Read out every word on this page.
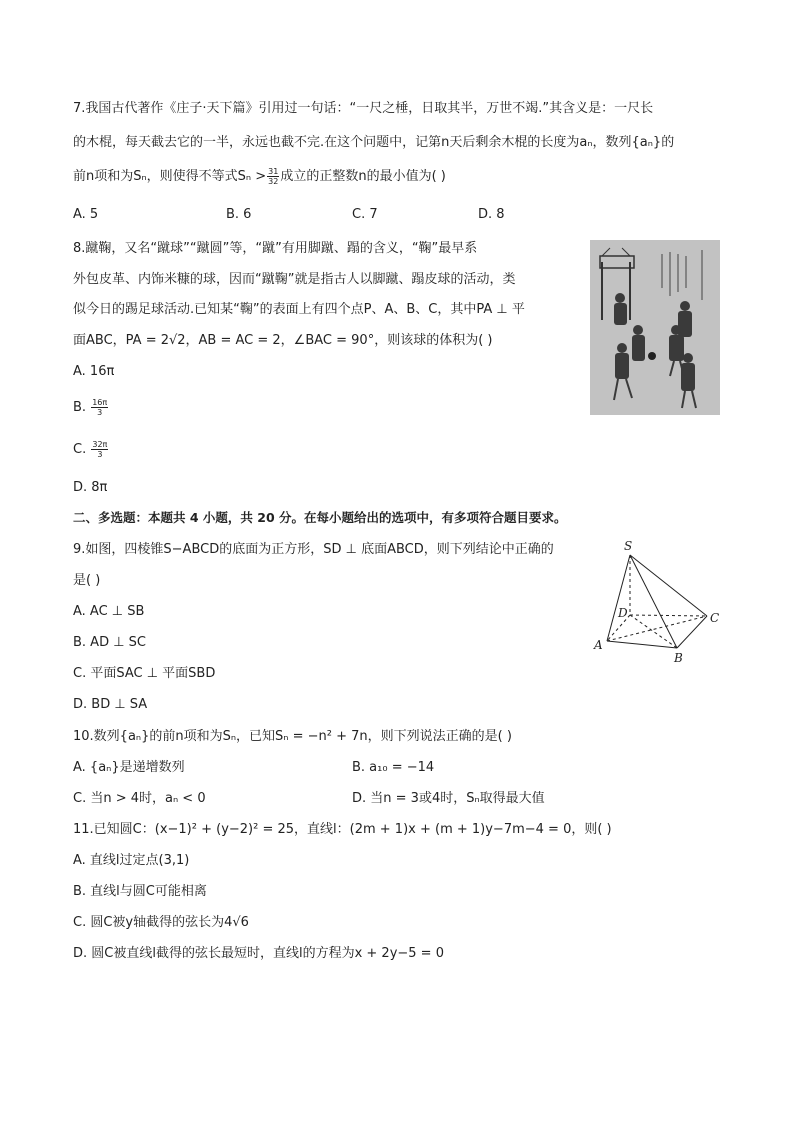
7.我国古代著作《庄子·天下篇》引用过一句话：“一尺之棰，日取其半，万世不竭.”其含义是：一尺长
的木棍，每天截去它的一半，永远也截不完.在这个问题中，记第n天后剩余木棍的长度为aₙ，数列{aₙ}的
前n项和为Sₙ，则使得不等式$S_n > \frac{31}{32}$ 成立的正整数n的最小值为( )
A. 5	B. 6	C. 7	D. 8
8.蹴鞠，又名“蹴球”“蹴圆”等，“蹴”有用脚蹴、蹋的含义，“鞠”最早系
外包皮革、内饰米糠的球，因而“蹴鞠”就是指古人以脚蹴、蹋皮球的活动，类
似今日的踢足球活动.已知某“鞠”的表面上有四个点P、A、B、C，其中PA ⊥ 平
面ABC，PA = 2√2，AB = AC = 2，∠BAC = 90°，则该球的体积为( )
A. 16π
B. $\frac{16\pi}{3}$
C. $\frac{32\pi}{3}$
D. 8π
二、多选题：本题共 4 小题，共 20 分。在每小题给出的选项中，有多项符合题目要求。
9.如图，四棱锥S−ABCD的底面为正方形，SD ⊥ 底面ABCD，则下列结论中正确的
是( )
A. AC ⊥ SB
B. AD ⊥ SC
C. 平面SAC ⊥ 平面SBD
D. BD ⊥ SA
S
D	C
A
B
10.数列{aₙ}的前n项和为Sₙ，已知Sₙ = −n² + 7n，则下列说法正确的是( )
A. {aₙ}是递增数列	B. a₁₀ = −14
C. 当n > 4时，aₙ < 0	D. 当n = 3或4时，Sₙ取得最大值
11.已知圆C：(x−1)² + (y−2)² = 25，直线l：(2m + 1)x + (m + 1)y−7m−4 = 0，则( )
A. 直线l过定点(3,1)
B. 直线l与圆C可能相离
C. 圆C被y轴截得的弦长为4√6
D. 圆C被直线l截得的弦长最短时，直线l的方程为x + 2y−5 = 0
